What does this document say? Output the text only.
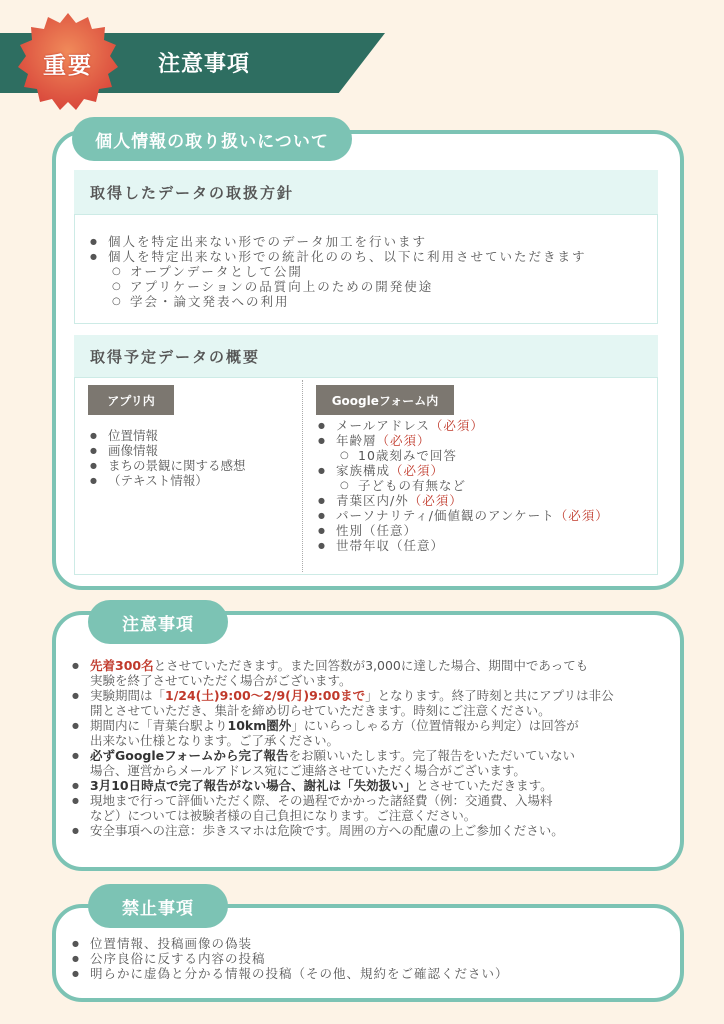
重要	注意事項
個人情報の取り扱いについて
取得したデータの取扱方針
● 個人を特定出来ない形でのデータ加工を行います
● 個人を特定出来ない形での統計化ののち、以下に利用させていただきます
○ オープンデータとして公開
○ アプリケーションの品質向上のための開発使途
○ 学会・論文発表への利用
取得予定データの概要
アプリ内
● 位置情報
● 画像情報
● まちの景観に関する感想
● （テキスト情報）
Googleフォーム内
● メールアドレス（必須）
● 年齢層（必須）
○ 10歳刻みで回答
● 家族構成（必須）
○ 子どもの有無など
● 青葉区内/外（必須）
● パーソナリティ/価値観のアンケート（必須）
● 性別（任意）
● 世帯年収（任意）
注意事項
● 先着300名とさせていただきます。また回答数が3,000に達した場合、期間中であっても
実験を終了させていただく場合がございます。
● 実験期間は「1/24(土)9:00〜2/9(月)9:00まで」となります。終了時刻と共にアプリは非公
開とさせていただき、集計を締め切らせていただきます。時刻にご注意ください。
● 期間内に「青葉台駅より10km圏外」にいらっしゃる方（位置情報から判定）は回答が
出来ない仕様となります。ご了承ください。
● 必ずGoogleフォームから完了報告をお願いいたします。完了報告をいただいていない
場合、運営からメールアドレス宛にご連絡させていただく場合がございます。
● 3月10日時点で完了報告がない場合、謝礼は「失効扱い」とさせていただきます。
● 現地まで行って評価いただく際、その過程でかかった諸経費（例：交通費、入場料
など）については被験者様の自己負担になります。ご注意ください。
● 安全事項への注意：歩きスマホは危険です。周囲の方への配慮の上ご参加ください。
禁止事項
● 位置情報、投稿画像の偽装
● 公序良俗に反する内容の投稿
● 明らかに虚偽と分かる情報の投稿（その他、規約をご確認ください）
